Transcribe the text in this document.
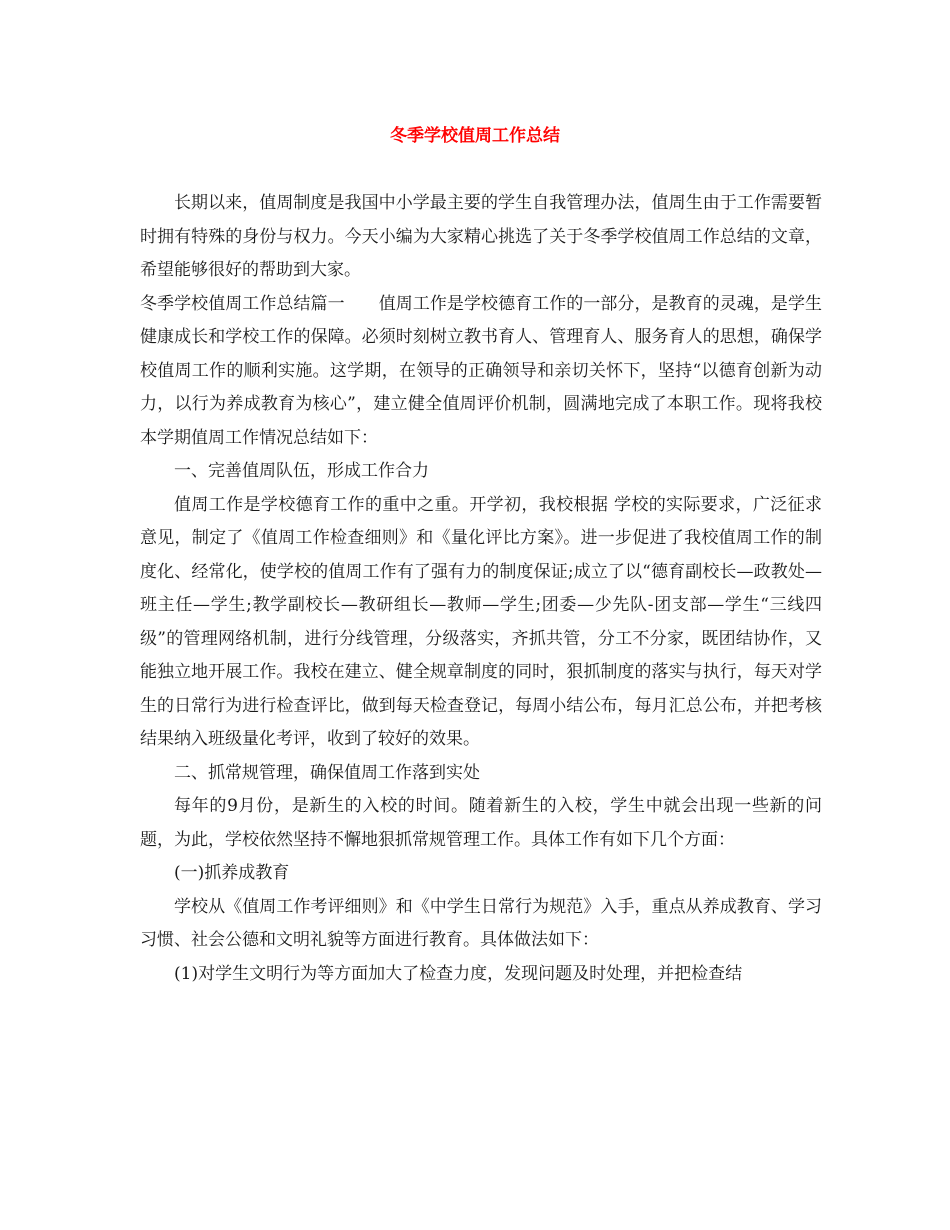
冬季学校值周工作总结

长期以来，值周制度是我国中小学最主要的学生自我管理办法，值周生由于工作需要暂时拥有特殊的身份与权力。今天小编为大家精心挑选了关于冬季学校值周工作总结的文章，希望能够很好的帮助到大家。

冬季学校值周工作总结篇一　　值周工作是学校德育工作的一部分，是教育的灵魂，是学生健康成长和学校工作的保障。必须时刻树立教书育人、管理育人、服务育人的思想，确保学校值周工作的顺利实施。这学期，在领导的正确领导和亲切关怀下，坚持“以德育创新为动力，以行为养成教育为核心”，建立健全值周评价机制，圆满地完成了本职工作。现将我校本学期值周工作情况总结如下：

一、完善值周队伍，形成工作合力

值周工作是学校德育工作的重中之重。开学初，我校根据 学校的实际要求，广泛征求意见，制定了《值周工作检查细则》和《量化评比方案》。进一步促进了我校值周工作的制度化、经常化，使学校的值周工作有了强有力的制度保证;成立了以“德育副校长—政教处—班主任—学生;教学副校长—教研组长—教师—学生;团委—少先队-团支部—学生“三线四级”的管理网络机制，进行分线管理，分级落实，齐抓共管，分工不分家，既团结协作，又能独立地开展工作。我校在建立、健全规章制度的同时，狠抓制度的落实与执行，每天对学生的日常行为进行检查评比，做到每天检查登记，每周小结公布，每月汇总公布，并把考核结果纳入班级量化考评，收到了较好的效果。

二、抓常规管理，确保值周工作落到实处

每年的9月份，是新生的入校的时间。随着新生的入校，学生中就会出现一些新的问题，为此，学校依然坚持不懈地狠抓常规管理工作。具体工作有如下几个方面：

(一)抓养成教育

学校从《值周工作考评细则》和《中学生日常行为规范》入手，重点从养成教育、学习习惯、社会公德和文明礼貌等方面进行教育。具体做法如下：

(1)对学生文明行为等方面加大了检查力度，发现问题及时处理，并把检查结
